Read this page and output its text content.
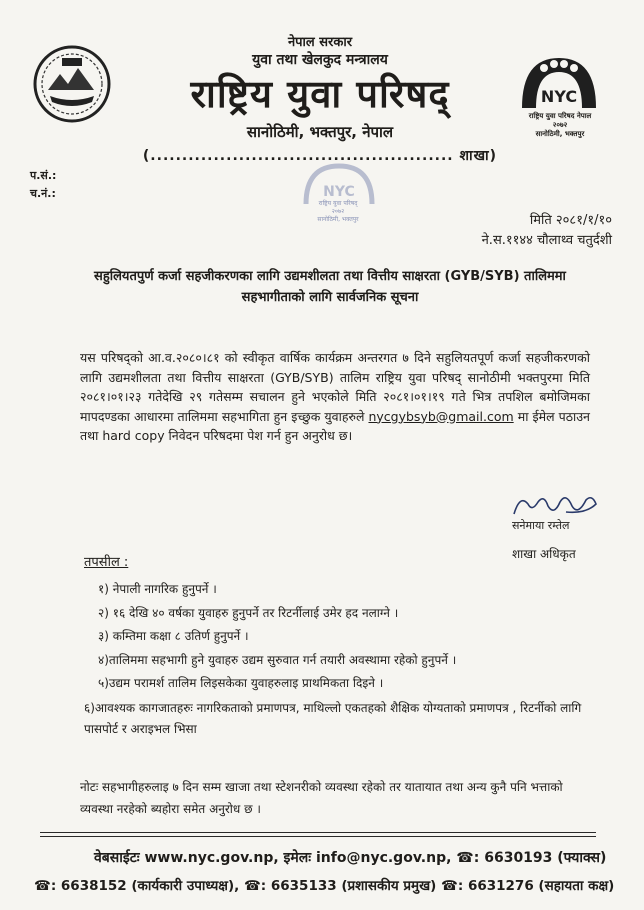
NYC
राष्ट्रिय युवा परिषद नेपाल
२०७२
सानोठिमी, भक्तपुर
नेपाल सरकार
युवा तथा खेलकुद मन्त्रालय
राष्ट्रिय युवा परिषद्
सानोठिमी, भक्तपुर, नेपाल
(................................................ शाखा)
प.सं.:
च.नं.:	NYC
राष्ट्रिय युवा परिषद्
२०७२
सानोठिमी, भक्तपुर	मिति २०८१/१/१०
ने.स.११४४ चौलाथ्व चतुर्दशी
सहुलियतपुर्ण कर्जा सहजीकरणका लागि उद्यमशीलता तथा वित्तीय साक्षरता (GYB/SYB) तालिममा
सहभागीताको लागि सार्वजनिक सूचना
यस परिषद्को आ.व.२०८०।८१ को स्वीकृत वार्षिक कार्यक्रम अन्तरगत ७ दिने सहुलियतपूर्ण कर्जा सहजीकरणको लागि उद्यमशीलता तथा वित्तीय साक्षरता (GYB/SYB) तालिम राष्ट्रिय युवा परिषद् सानोठीमी भक्तपुरमा मिति २०८१।०१।२३ गतेदेखि २९ गतेसम्म सचालन हुने भएकोले मिति २०८१।०१।१९ गते भित्र तपशिल बमोजिमका मापदण्डका आधारमा तालिममा सहभागिता हुन इच्छुक युवाहरुले nycgybsyb@gmail.com मा ईमेल पठाउन तथा hard copy निवेदन परिषदमा पेश गर्न हुन अनुरोध छ।
सनेमाया रम्तेल
शाखा अधिकृत
तपसील :
१) नेपाली नागरिक हुनुपर्ने ।
२) १६ देखि ४० वर्षका युवाहरु हुनुपर्ने तर रिटर्नीलाई उमेर हद नलाग्ने ।
३) कम्तिमा कक्षा ८ उतिर्ण हुनुपर्ने ।
४)तालिममा सहभागी हुने युवाहरु उद्यम सुरुवात गर्न तयारी अवस्थामा रहेको हुनुपर्ने ।
५)उद्यम परामर्श तालिम लिइसकेका युवाहरुलाइ प्राथमिकता दिइने ।
६)आवश्यक कागजातहरुः नागरिकताको प्रमाणपत्र, माथिल्लो एकतहको शैक्षिक योग्यताको प्रमाणपत्र , रिटर्नीको लागि पासपोर्ट र अराइभल भिसा
नोटः सहभागीहरुलाइ ७ दिन सम्म खाजा तथा स्टेशनरीको व्यवस्था रहेको तर यातायात तथा अन्य कुनै पनि भत्ताको व्यवस्था नरहेको ब्यहोरा समेत अनुरोध छ ।
वेबसाईटः www.nyc.gov.np, इमेलः info@nyc.gov.np, ☎: 6630193 (फ्याक्स)
☎: 6638152 (कार्यकारी उपाध्यक्ष), ☎: 6635133 (प्रशासकीय प्रमुख) ☎: 6631276 (सहायता कक्ष)
